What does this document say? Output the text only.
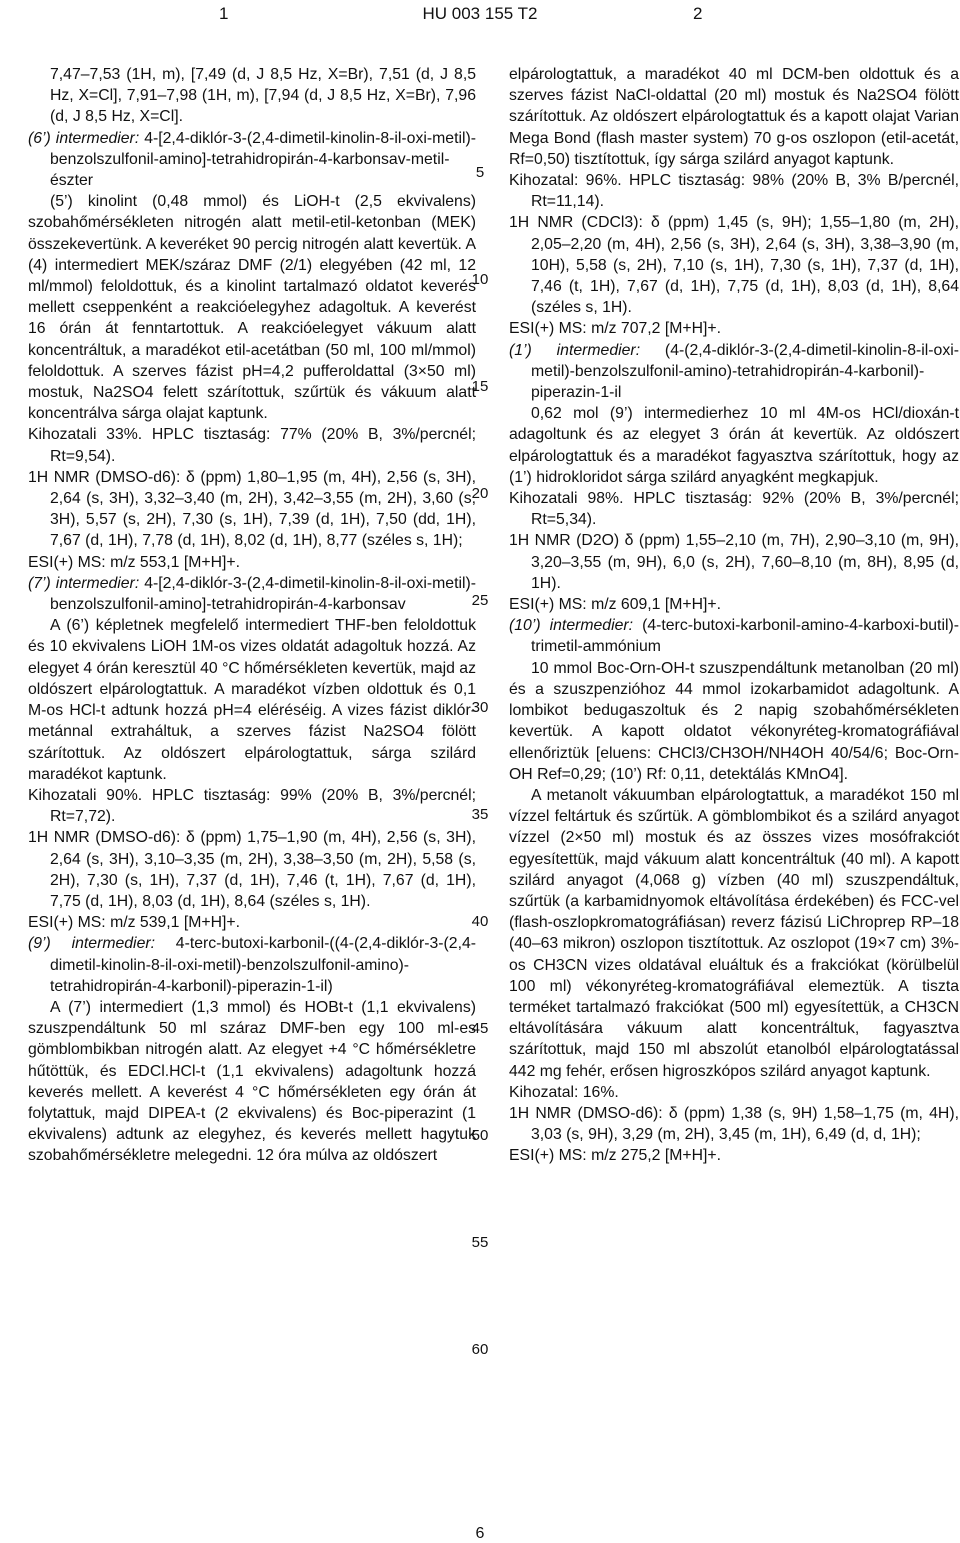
1	HU 003 155 T2	2

7,47–7,53 (1H, m), [7,49 (d, J 8,5 Hz, X=Br), 7,51 (d, J 8,5 Hz, X=Cl], 7,91–7,98 (1H, m), [7,94 (d, J 8,5 Hz, X=Br), 7,96 (d, J 8,5 Hz, X=Cl].

(6’) intermedier: 4-[2,4-diklór-3-(2,4-dimetil-kinolin-8-il-oxi-metil)-benzolszulfonil-amino]-tetrahidropirán-4-karbonsav-metil-észter

(5’) kinolint (0,48 mmol) és LiOH-t (2,5 ekvivalens) szobahőmérsékleten nitrogén alatt metil-etil-ketonban (MEK) összekevertünk. A keveréket 90 percig nitrogén alatt kevertük. A (4) intermediert MEK/száraz DMF (2/1) elegyében (42 ml, 12 ml/mmol) feloldottuk, és a kinolint tartalmazó oldatot keverés mellett cseppenként a reakcióelegyhez adagoltuk. A keverést 16 órán át fenntartottuk. A reakcióelegyet vákuum alatt koncentráltuk, a maradékot etil-acetátban (50 ml, 100 ml/mmol) feloldottuk. A szerves fázist pH=4,2 pufferoldattal (3×50 ml) mostuk, Na2SO4 felett szárítottuk, szűrtük és vákuum alatt koncentrálva sárga olajat kaptunk.

Kihozatali 33%. HPLC tisztaság: 77% (20% B, 3%/percnél; Rt=9,54).

1H NMR (DMSO-d6): δ (ppm) 1,80–1,95 (m, 4H), 2,56 (s, 3H), 2,64 (s, 3H), 3,32–3,40 (m, 2H), 3,42–3,55 (m, 2H), 3,60 (s, 3H), 5,57 (s, 2H), 7,30 (s, 1H), 7,39 (d, 1H), 7,50 (dd, 1H), 7,67 (d, 1H), 7,78 (d, 1H), 8,02 (d, 1H), 8,77 (széles s, 1H);

ESI(+) MS: m/z 553,1 [M+H]+.

(7’) intermedier: 4-[2,4-diklór-3-(2,4-dimetil-kinolin-8-il-oxi-metil)-benzolszulfonil-amino]-tetrahidropirán-4-karbonsav

A (6’) képletnek megfelelő intermediert THF-ben feloldottuk és 10 ekvivalens LiOH 1M-os vizes oldatát adagoltuk hozzá. Az elegyet 4 órán keresztül 40 °C hőmérsékleten kevertük, majd az oldószert elpárologtattuk. A maradékot vízben oldottuk és 0,1 M-os HCl-t adtunk hozzá pH=4 eléréséig. A vizes fázist diklór-metánnal extraháltuk, a szerves fázist Na2SO4 fölött szárítottuk. Az oldószert elpárologtattuk, sárga szilárd maradékot kaptunk.

Kihozatali 90%. HPLC tisztaság: 99% (20% B, 3%/percnél; Rt=7,72).

1H NMR (DMSO-d6): δ (ppm) 1,75–1,90 (m, 4H), 2,56 (s, 3H), 2,64 (s, 3H), 3,10–3,35 (m, 2H), 3,38–3,50 (m, 2H), 5,58 (s, 2H), 7,30 (s, 1H), 7,37 (d, 1H), 7,46 (t, 1H), 7,67 (d, 1H), 7,75 (d, 1H), 8,03 (d, 1H), 8,64 (széles s, 1H).

ESI(+) MS: m/z 539,1 [M+H]+.

(9’) intermedier: 4-terc-butoxi-karbonil-((4-(2,4-diklór-3-(2,4-dimetil-kinolin-8-il-oxi-metil)-benzolszulfonil-amino)-tetrahidropirán-4-karbonil)-piperazin-1-il)

A (7’) intermediert (1,3 mmol) és HOBt-t (1,1 ekvivalens) szuszpendáltunk 50 ml száraz DMF-ben egy 100 ml-es gömblombikban nitrogén alatt. Az elegyet +4 °C hőmérsékletre hűtöttük, és EDCl.HCl-t (1,1 ekvivalens) adagoltunk hozzá keverés mellett. A keverést 4 °C hőmérsékleten egy órán át folytattuk, majd DIPEA-t (2 ekvivalens) és Boc-piperazint (1 ekvivalens) adtunk az elegyhez, és keverés mellett hagytuk szobahőmérsékletre melegedni. 12 óra múlva az oldószert

5
10
15
20
25
30
35
40
45
50
55
60

elpárologtattuk, a maradékot 40 ml DCM-ben oldottuk és a szerves fázist NaCl-oldattal (20 ml) mostuk és Na2SO4 fölött szárítottuk. Az oldószert elpárologtattuk és a kapott olajat Varian Mega Bond (flash master system) 70 g-os oszlopon (etil-acetát, Rf=0,50) tisztítottuk, így sárga szilárd anyagot kaptunk.

Kihozatal: 96%. HPLC tisztaság: 98% (20% B, 3% B/percnél, Rt=11,14).

1H NMR (CDCl3): δ (ppm) 1,45 (s, 9H); 1,55–1,80 (m, 2H), 2,05–2,20 (m, 4H), 2,56 (s, 3H), 2,64 (s, 3H), 3,38–3,90 (m, 10H), 5,58 (s, 2H), 7,10 (s, 1H), 7,30 (s, 1H), 7,37 (d, 1H), 7,46 (t, 1H), 7,67 (d, 1H), 7,75 (d, 1H), 8,03 (d, 1H), 8,64 (széles s, 1H).

ESI(+) MS: m/z 707,2 [M+H]+.

(1’) intermedier: (4-(2,4-diklór-3-(2,4-dimetil-kinolin-8-il-oxi-metil)-benzolszulfonil-amino)-tetrahidropirán-4-karbonil)-piperazin-1-il

0,62 mol (9’) intermedierhez 10 ml 4M-os HCl/dioxán-t adagoltunk és az elegyet 3 órán át kevertük. Az oldószert elpárologtattuk és a maradékot fagyasztva szárítottuk, hogy az (1’) hidrokloridot sárga szilárd anyagként megkapjuk.

Kihozatali 98%. HPLC tisztaság: 92% (20% B, 3%/percnél; Rt=5,34).

1H NMR (D2O) δ (ppm) 1,55–2,10 (m, 7H), 2,90–3,10 (m, 9H), 3,20–3,55 (m, 9H), 6,0 (s, 2H), 7,60–8,10 (m, 8H), 8,95 (d, 1H).

ESI(+) MS: m/z 609,1 [M+H]+.

(10’) intermedier: (4-terc-butoxi-karbonil-amino-4-karboxi-butil)-trimetil-ammónium

10 mmol Boc-Orn-OH-t szuszpendáltunk metanolban (20 ml) és a szuszpenzióhoz 44 mmol izokarbamidot adagoltunk. A lombikot bedugaszoltuk és 2 napig szobahőmérsékleten kevertük. A kapott oldatot vékonyréteg-kromatográfiával ellenőriztük [eluens: CHCl3/CH3OH/NH4OH 40/54/6; Boc-Orn-OH Ref=0,29; (10’) Rf: 0,11, detektálás KMnO4].

A metanolt vákuumban elpárologtattuk, a maradékot 150 ml vízzel feltártuk és szűrtük. A gömblombikot és a szilárd anyagot vízzel (2×50 ml) mostuk és az összes vizes mosófrakciót egyesítettük, majd vákuum alatt koncentráltuk (40 ml). A kapott szilárd anyagot (4,068 g) vízben (40 ml) szuszpendáltuk, szűrtük (a karbamidnyomok eltávolítása érdekében) és FCC-vel (flash-oszlopkromatográfiásan) reverz fázisú LiChroprep RP–18 (40–63 mikron) oszlopon tisztítottuk. Az oszlopot (19×7 cm) 3%-os CH3CN vizes oldatával eluáltuk és a frakciókat (körülbelül 100 ml) vékonyréteg-kromatográfiával elemeztük. A tiszta terméket tartalmazó frakciókat (500 ml) egyesítettük, a CH3CN eltávolítására vákuum alatt koncentráltuk, fagyasztva szárítottuk, majd 150 ml abszolút etanolból elpárologtatással 442 mg fehér, erősen higroszkópos szilárd anyagot kaptunk.

Kihozatal: 16%.

1H NMR (DMSO-d6): δ (ppm) 1,38 (s, 9H) 1,58–1,75 (m, 4H), 3,03 (s, 9H), 3,29 (m, 2H), 3,45 (m, 1H), 6,49 (d, d, 1H);

ESI(+) MS: m/z 275,2 [M+H]+.

6
